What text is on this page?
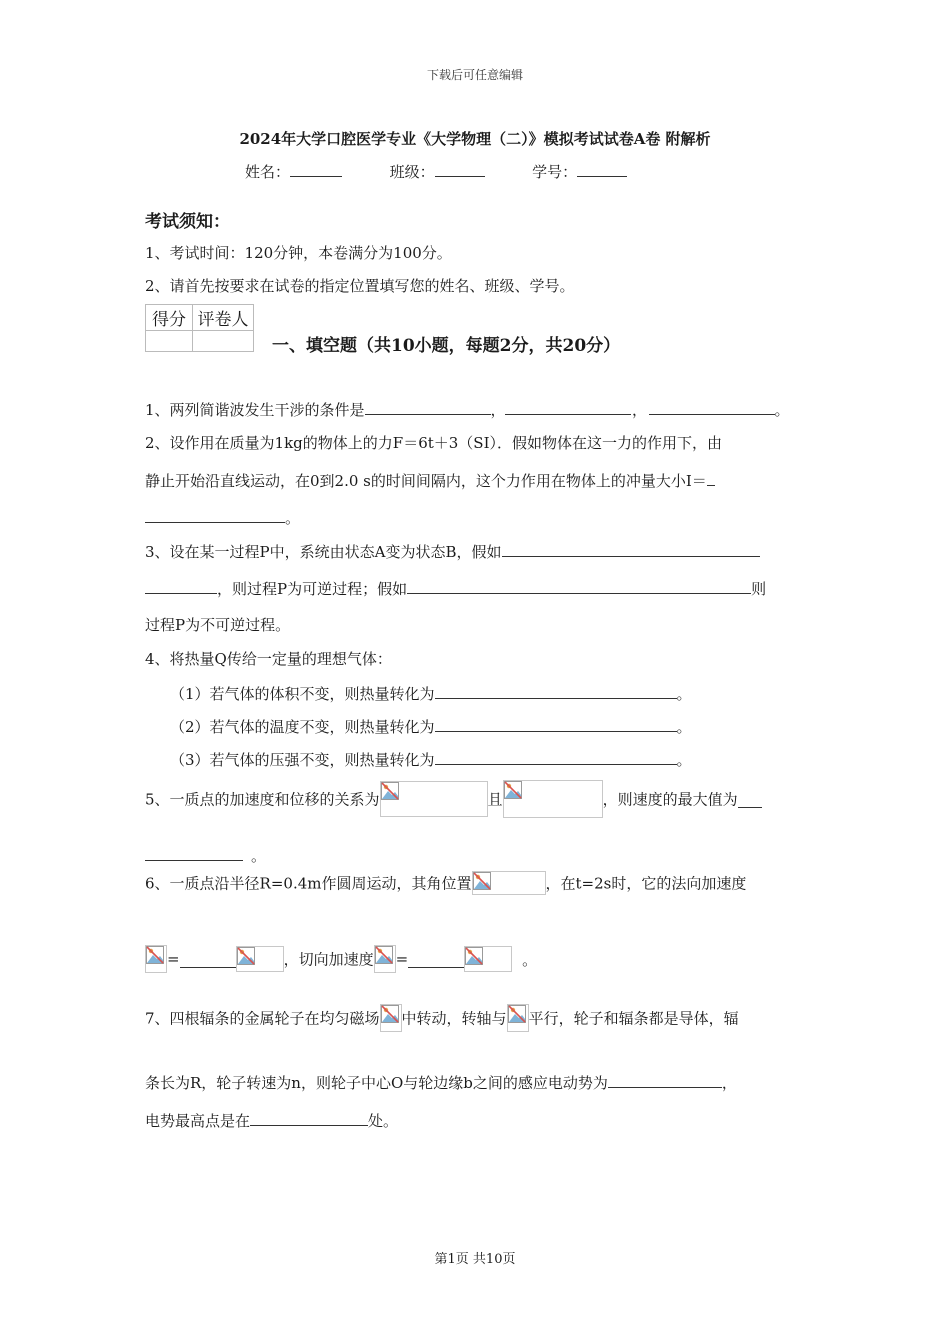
下载后可任意编辑
2024年大学口腔医学专业《大学物理（二）》模拟考试试卷A卷 附解析
姓名：	班级：	学号：
考试须知：
1、考试时间：120分钟，本卷满分为100分。
2、请首先按要求在试卷的指定位置填写您的姓名、班级、学号。
得分	评卷人

一、填空题（共10小题，每题2分，共20分）
1、两列简谐波发生干涉的条件是	，	，	。
2、设作用在质量为1kg的物体上的力F＝6t＋3（SI）．假如物体在这一力的作用下，由
静止开始沿直线运动，在0到2.0 s的时间间隔内，这个力作用在物体上的冲量大小I＝
。
3、设在某一过程P中，系统由状态A变为状态B，假如
，则过程P为可逆过程；假如	则
过程P为不可逆过程。
4、将热量Q传给一定量的理想气体：
（1）若气体的体积不变，则热量转化为	。
（2）若气体的温度不变，则热量转化为	。
（3）若气体的压强不变，则热量转化为	。
5、一质点的加速度和位移的关系为	且	，则速度的最大值为
。
6、一质点沿半径R=0.4m作圆周运动，其角位置	，在t=2s时，它的法向加速度
=	，切向加速度 =	。
7、四根辐条的金属轮子在均匀磁场 中转动，转轴与 平行，轮子和辐条都是导体，辐
条长为R，轮子转速为n，则轮子中心O与轮边缘b之间的感应电动势为	，
电势最高点是在	处。
第1页 共10页
